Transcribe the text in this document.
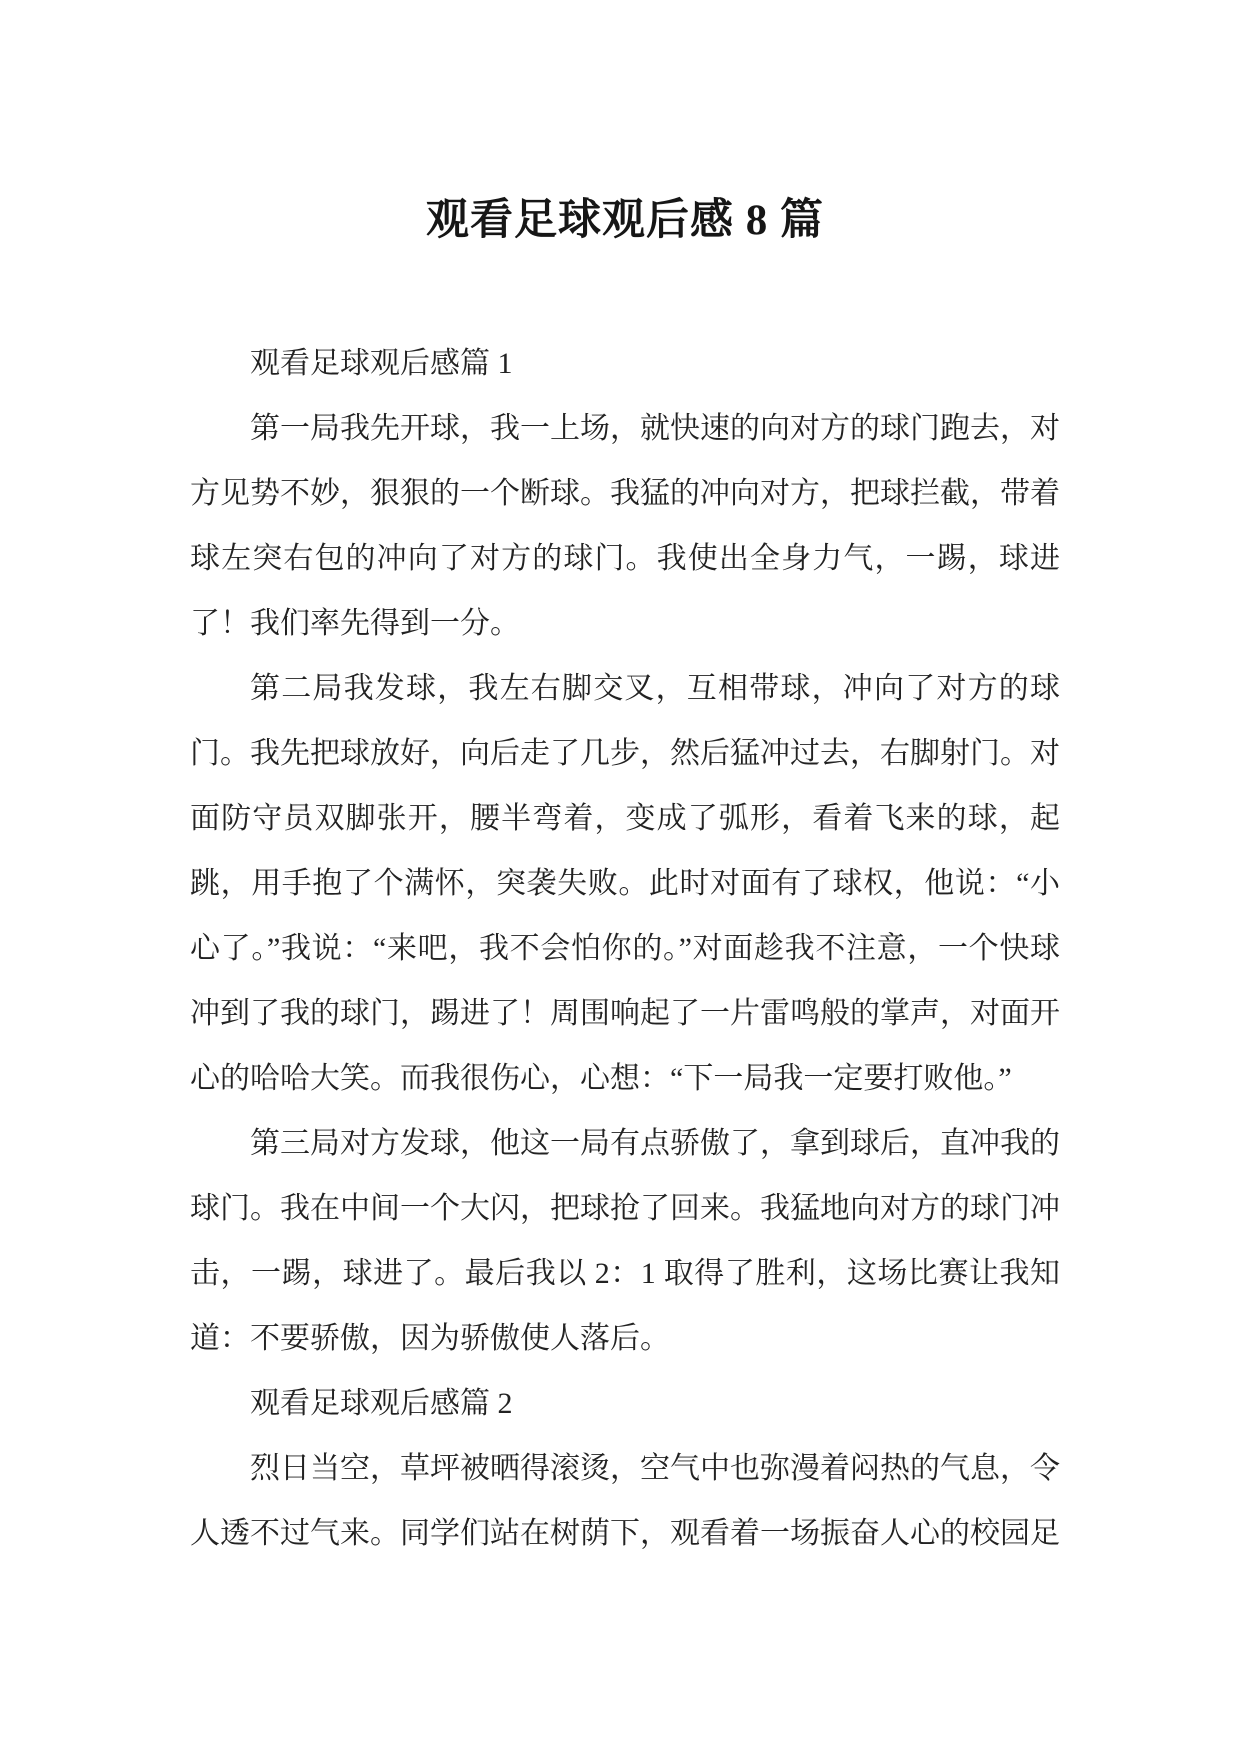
观看足球观后感 8 篇

观看足球观后感篇 1

第一局我先开球，我一上场，就快速的向对方的球门跑去，对方见势不妙，狠狠的一个断球。我猛的冲向对方，把球拦截，带着球左突右包的冲向了对方的球门。我使出全身力气，一踢，球进了！我们率先得到一分。

第二局我发球，我左右脚交叉，互相带球，冲向了对方的球门。我先把球放好，向后走了几步，然后猛冲过去，右脚射门。对面防守员双脚张开，腰半弯着，变成了弧形，看着飞来的球，起跳，用手抱了个满怀，突袭失败。此时对面有了球权，他说：“小心了。”我说：“来吧，我不会怕你的。”对面趁我不注意，一个快球冲到了我的球门，踢进了！周围响起了一片雷鸣般的掌声，对面开心的哈哈大笑。而我很伤心，心想：“下一局我一定要打败他。”

第三局对方发球，他这一局有点骄傲了，拿到球后，直冲我的球门。我在中间一个大闪，把球抢了回来。我猛地向对方的球门冲击，一踢，球进了。最后我以 2：1 取得了胜利，这场比赛让我知道：不要骄傲，因为骄傲使人落后。

观看足球观后感篇 2

烈日当空，草坪被晒得滚烫，空气中也弥漫着闷热的气息，令人透不过气来。同学们站在树荫下，观看着一场振奋人心的校园足
